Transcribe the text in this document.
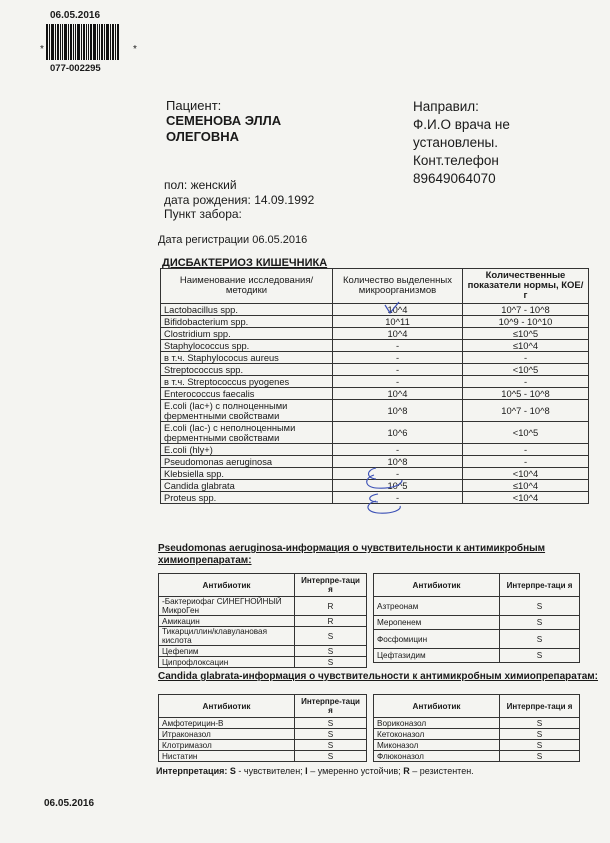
06.05.2016
*	*
077-002295
Пациент:
СЕМЕНОВА ЭЛЛА
ОЛЕГОВНА
Направил:
Ф.И.О врача не
установлены.
Конт.телефон
89649064070
пол: женский
дата рождения: 14.09.1992
Пункт забора:
Дата регистрации 06.05.2016
ДИСБАКТЕРИОЗ КИШЕЧНИКА
Наименование исследования/методики	Количество выделенных микроорганизмов	Количественные показатели нормы, КОЕ/г
Lactobacillus spp.	10^4	10^7 - 10^8
Bifidobacterium spp.	10^11	10^9 - 10^10
Clostridium spp.	10^4	≤10^5
Staphylococcus spp.	-	≤10^4
в т.ч. Staphylococus aureus	-	-
Streptococcus spp.	-	<10^5
в т.ч. Streptococcus pyogenes	-	-
Enterococcus faecalis	10^4	10^5 - 10^8
E.coli (lac+) с полноценными ферментными свойствами	10^8	10^7 - 10^8
E.coli (lac-) с неполноценными ферментными свойствами	10^6	<10^5
E.coli (hly+)	-	-
Pseudomonas aeruginosa	10^8	-
Klebsiella spp.	-	<10^4
Candida glabrata	10^5	≤10^4
Proteus spp.	-	<10^4
Pseudomonas aeruginosa-информация о чувствительности к антимикробным химиопрепаратам:
Антибиотик	Интерпре-таци я
-Бактериофаг СИНЕГНОЙНЫЙ МикроГен	R
Амикацин	R
Тикарциллин/клавулановая кислота	S
Цефепим	S
Ципрофлоксацин	S
Антибиотик	Интерпре-таци я
Азтреонам	S
Меропенем	S
Фосфомицин	S
Цефтазидим	S
Candida glabrata-информация о чувствительности к антимикробным химиопрепаратам:
Антибиотик	Интерпре-таци я
Амфотерицин-В	S
Итраконазол	S
Клотримазол	S
Нистатин	S
Антибиотик	Интерпре-таци я
Вориконазол	S
Кетоконазол	S
Миконазол	S
Флюконазол	S
Интерпретация: S - чувствителен; I – умеренно устойчив; R – резистентен.
06.05.2016
